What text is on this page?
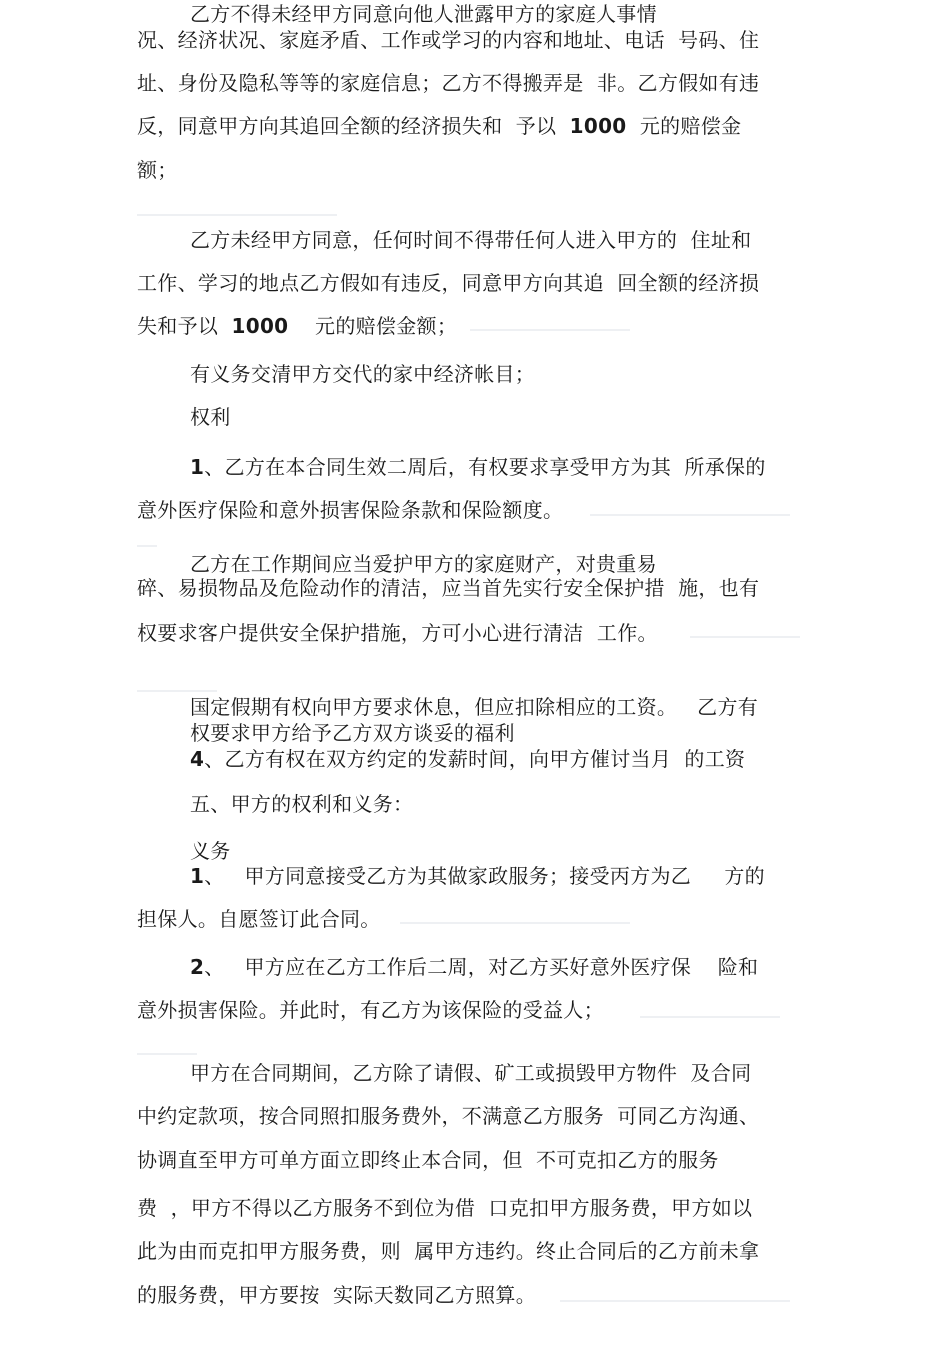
乙方不得未经甲方同意向他人泄露甲方的家庭人事情
况、经济状况、家庭矛盾、工作或学习的内容和地址、电话  号码、住
址、身份及隐私等等的家庭信息；乙方不得搬弄是  非。乙方假如有违
反，同意甲方向其追回全额的经济损失和  予以  1000  元的赔偿金
额；
乙方未经甲方同意，任何时间不得带任何人进入甲方的  住址和
工作、学习的地点乙方假如有违反，同意甲方向其追  回全额的经济损
失和予以  1000    元的赔偿金额；
有义务交清甲方交代的家中经济帐目；
权利
1、乙方在本合同生效二周后，有权要求享受甲方为其  所承保的
意外医疗保险和意外损害保险条款和保险额度。
乙方在工作期间应当爱护甲方的家庭财产，对贵重易
碎、易损物品及危险动作的清洁，应当首先实行安全保护措  施，也有
权要求客户提供安全保护措施，方可小心进行清洁  工作。
国定假期有权向甲方要求休息，但应扣除相应的工资。   乙方有
权要求甲方给予乙方双方谈妥的福利
4、乙方有权在双方约定的发薪时间，向甲方催讨当月  的工资
五、甲方的权利和义务：
义务
1、   甲方同意接受乙方为其做家政服务；接受丙方为乙     方的
担保人。自愿签订此合同。
2、   甲方应在乙方工作后二周，对乙方买好意外医疗保    险和
意外损害保险。并此时，有乙方为该保险的受益人；
甲方在合同期间，乙方除了请假、矿工或损毁甲方物件  及合同
中约定款项，按合同照扣服务费外，不满意乙方服务  可同乙方沟通、
协调直至甲方可单方面立即终止本合同，但  不可克扣乙方的服务
费  ，甲方不得以乙方服务不到位为借  口克扣甲方服务费，甲方如以
此为由而克扣甲方服务费，则  属甲方违约。终止合同后的乙方前未拿
的服务费，甲方要按  实际天数同乙方照算。
